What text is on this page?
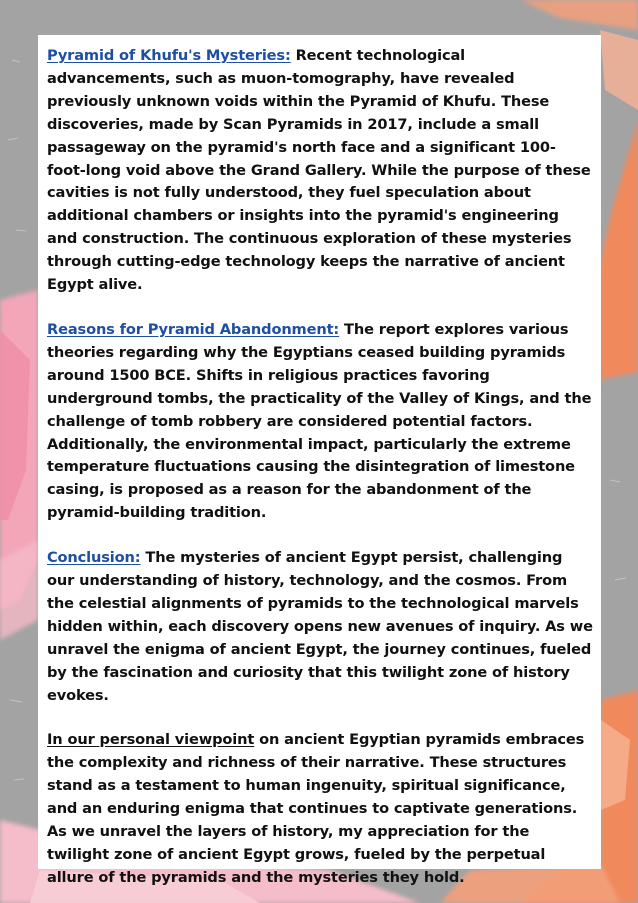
Pyramid of Khufu's Mysteries: Recent technological advancements, such as muon-tomography, have revealed previously unknown voids within the Pyramid of Khufu. These discoveries, made by Scan Pyramids in 2017, include a small passageway on the pyramid's north face and a significant 100-foot-long void above the Grand Gallery. While the purpose of these cavities is not fully understood, they fuel speculation about additional chambers or insights into the pyramid's engineering and construction. The continuous exploration of these mysteries through cutting-edge technology keeps the narrative of ancient Egypt alive.

Reasons for Pyramid Abandonment: The report explores various theories regarding why the Egyptians ceased building pyramids around 1500 BCE. Shifts in religious practices favoring underground tombs, the practicality of the Valley of Kings, and the challenge of tomb robbery are considered potential factors. Additionally, the environmental impact, particularly the extreme temperature fluctuations causing the disintegration of limestone casing, is proposed as a reason for the abandonment of the pyramid-building tradition.

Conclusion: The mysteries of ancient Egypt persist, challenging our understanding of history, technology, and the cosmos. From the celestial alignments of pyramids to the technological marvels hidden within, each discovery opens new avenues of inquiry. As we unravel the enigma of ancient Egypt, the journey continues, fueled by the fascination and curiosity that this twilight zone of history evokes.

In our personal viewpoint on ancient Egyptian pyramids embraces the complexity and richness of their narrative. These structures stand as a testament to human ingenuity, spiritual significance, and an enduring enigma that continues to captivate generations. As we unravel the layers of history, my appreciation for the twilight zone of ancient Egypt grows, fueled by the perpetual allure of the pyramids and the mysteries they hold.
